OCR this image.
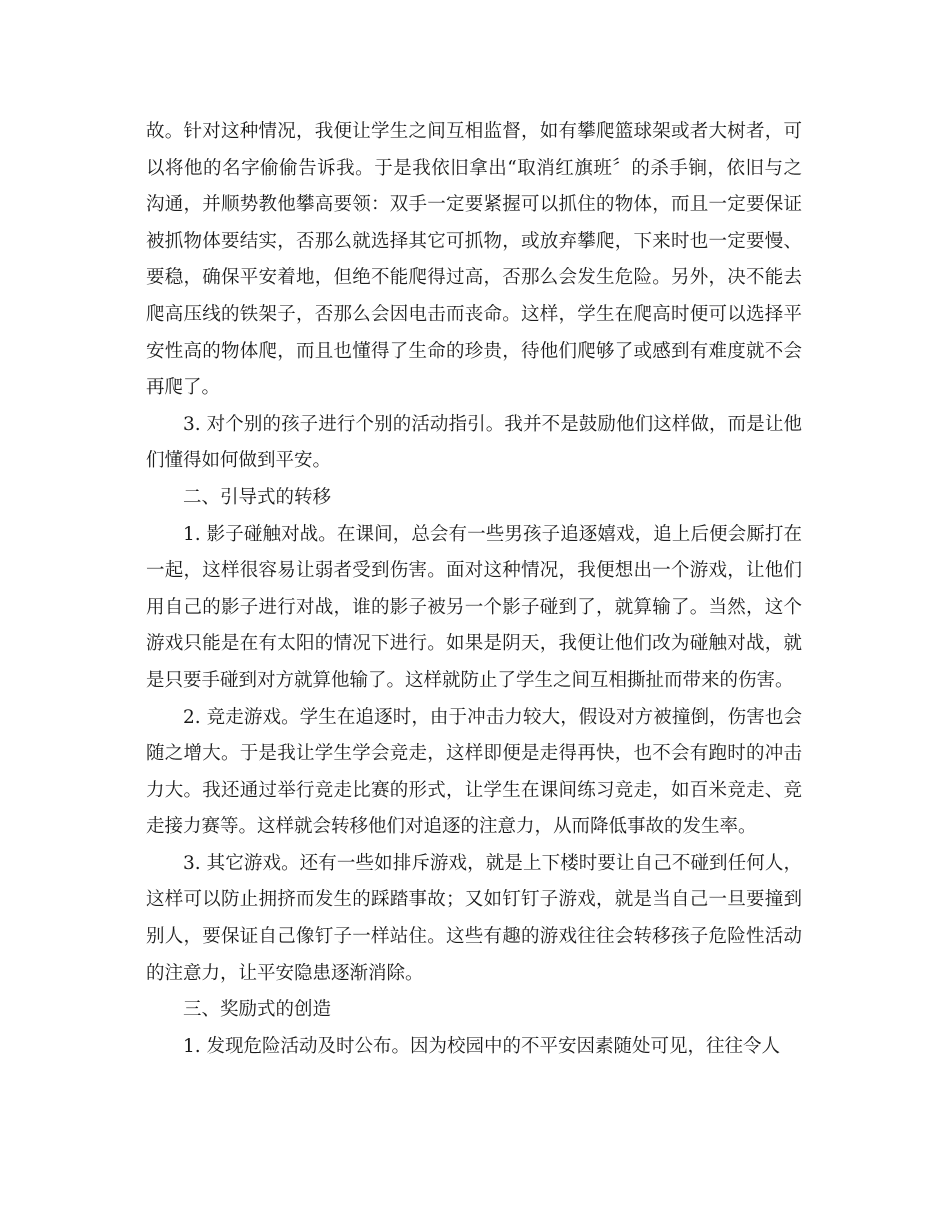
故。针对这种情况，我便让学生之间互相监督，如有攀爬篮球架或者大树者，可以将他的名字偷偷告诉我。于是我依旧拿出“取消红旗班〞的杀手锏，依旧与之沟通，并顺势教他攀高要领：双手一定要紧握可以抓住的物体，而且一定要保证被抓物体要结实，否那么就选择其它可抓物，或放弃攀爬，下来时也一定要慢、要稳，确保平安着地，但绝不能爬得过高，否那么会发生危险。另外，决不能去爬高压线的铁架子，否那么会因电击而丧命。这样，学生在爬高时便可以选择平安性高的物体爬，而且也懂得了生命的珍贵，待他们爬够了或感到有难度就不会再爬了。

3. 对个别的孩子进行个别的活动指引。我并不是鼓励他们这样做，而是让他们懂得如何做到平安。

二、引导式的转移

1. 影子碰触对战。在课间，总会有一些男孩子追逐嬉戏，追上后便会厮打在一起，这样很容易让弱者受到伤害。面对这种情况，我便想出一个游戏，让他们用自己的影子进行对战，谁的影子被另一个影子碰到了，就算输了。当然，这个游戏只能是在有太阳的情况下进行。如果是阴天，我便让他们改为碰触对战，就是只要手碰到对方就算他输了。这样就防止了学生之间互相撕扯而带来的伤害。

2. 竞走游戏。学生在追逐时，由于冲击力较大，假设对方被撞倒，伤害也会随之增大。于是我让学生学会竞走，这样即便是走得再快，也不会有跑时的冲击力大。我还通过举行竞走比赛的形式，让学生在课间练习竞走，如百米竞走、竞走接力赛等。这样就会转移他们对追逐的注意力，从而降低事故的发生率。

3. 其它游戏。还有一些如排斥游戏，就是上下楼时要让自己不碰到任何人，这样可以防止拥挤而发生的踩踏事故；又如钉钉子游戏，就是当自己一旦要撞到别人，要保证自己像钉子一样站住。这些有趣的游戏往往会转移孩子危险性活动的注意力，让平安隐患逐渐消除。

三、奖励式的创造

1. 发现危险活动及时公布。因为校园中的不平安因素随处可见，往往令人
